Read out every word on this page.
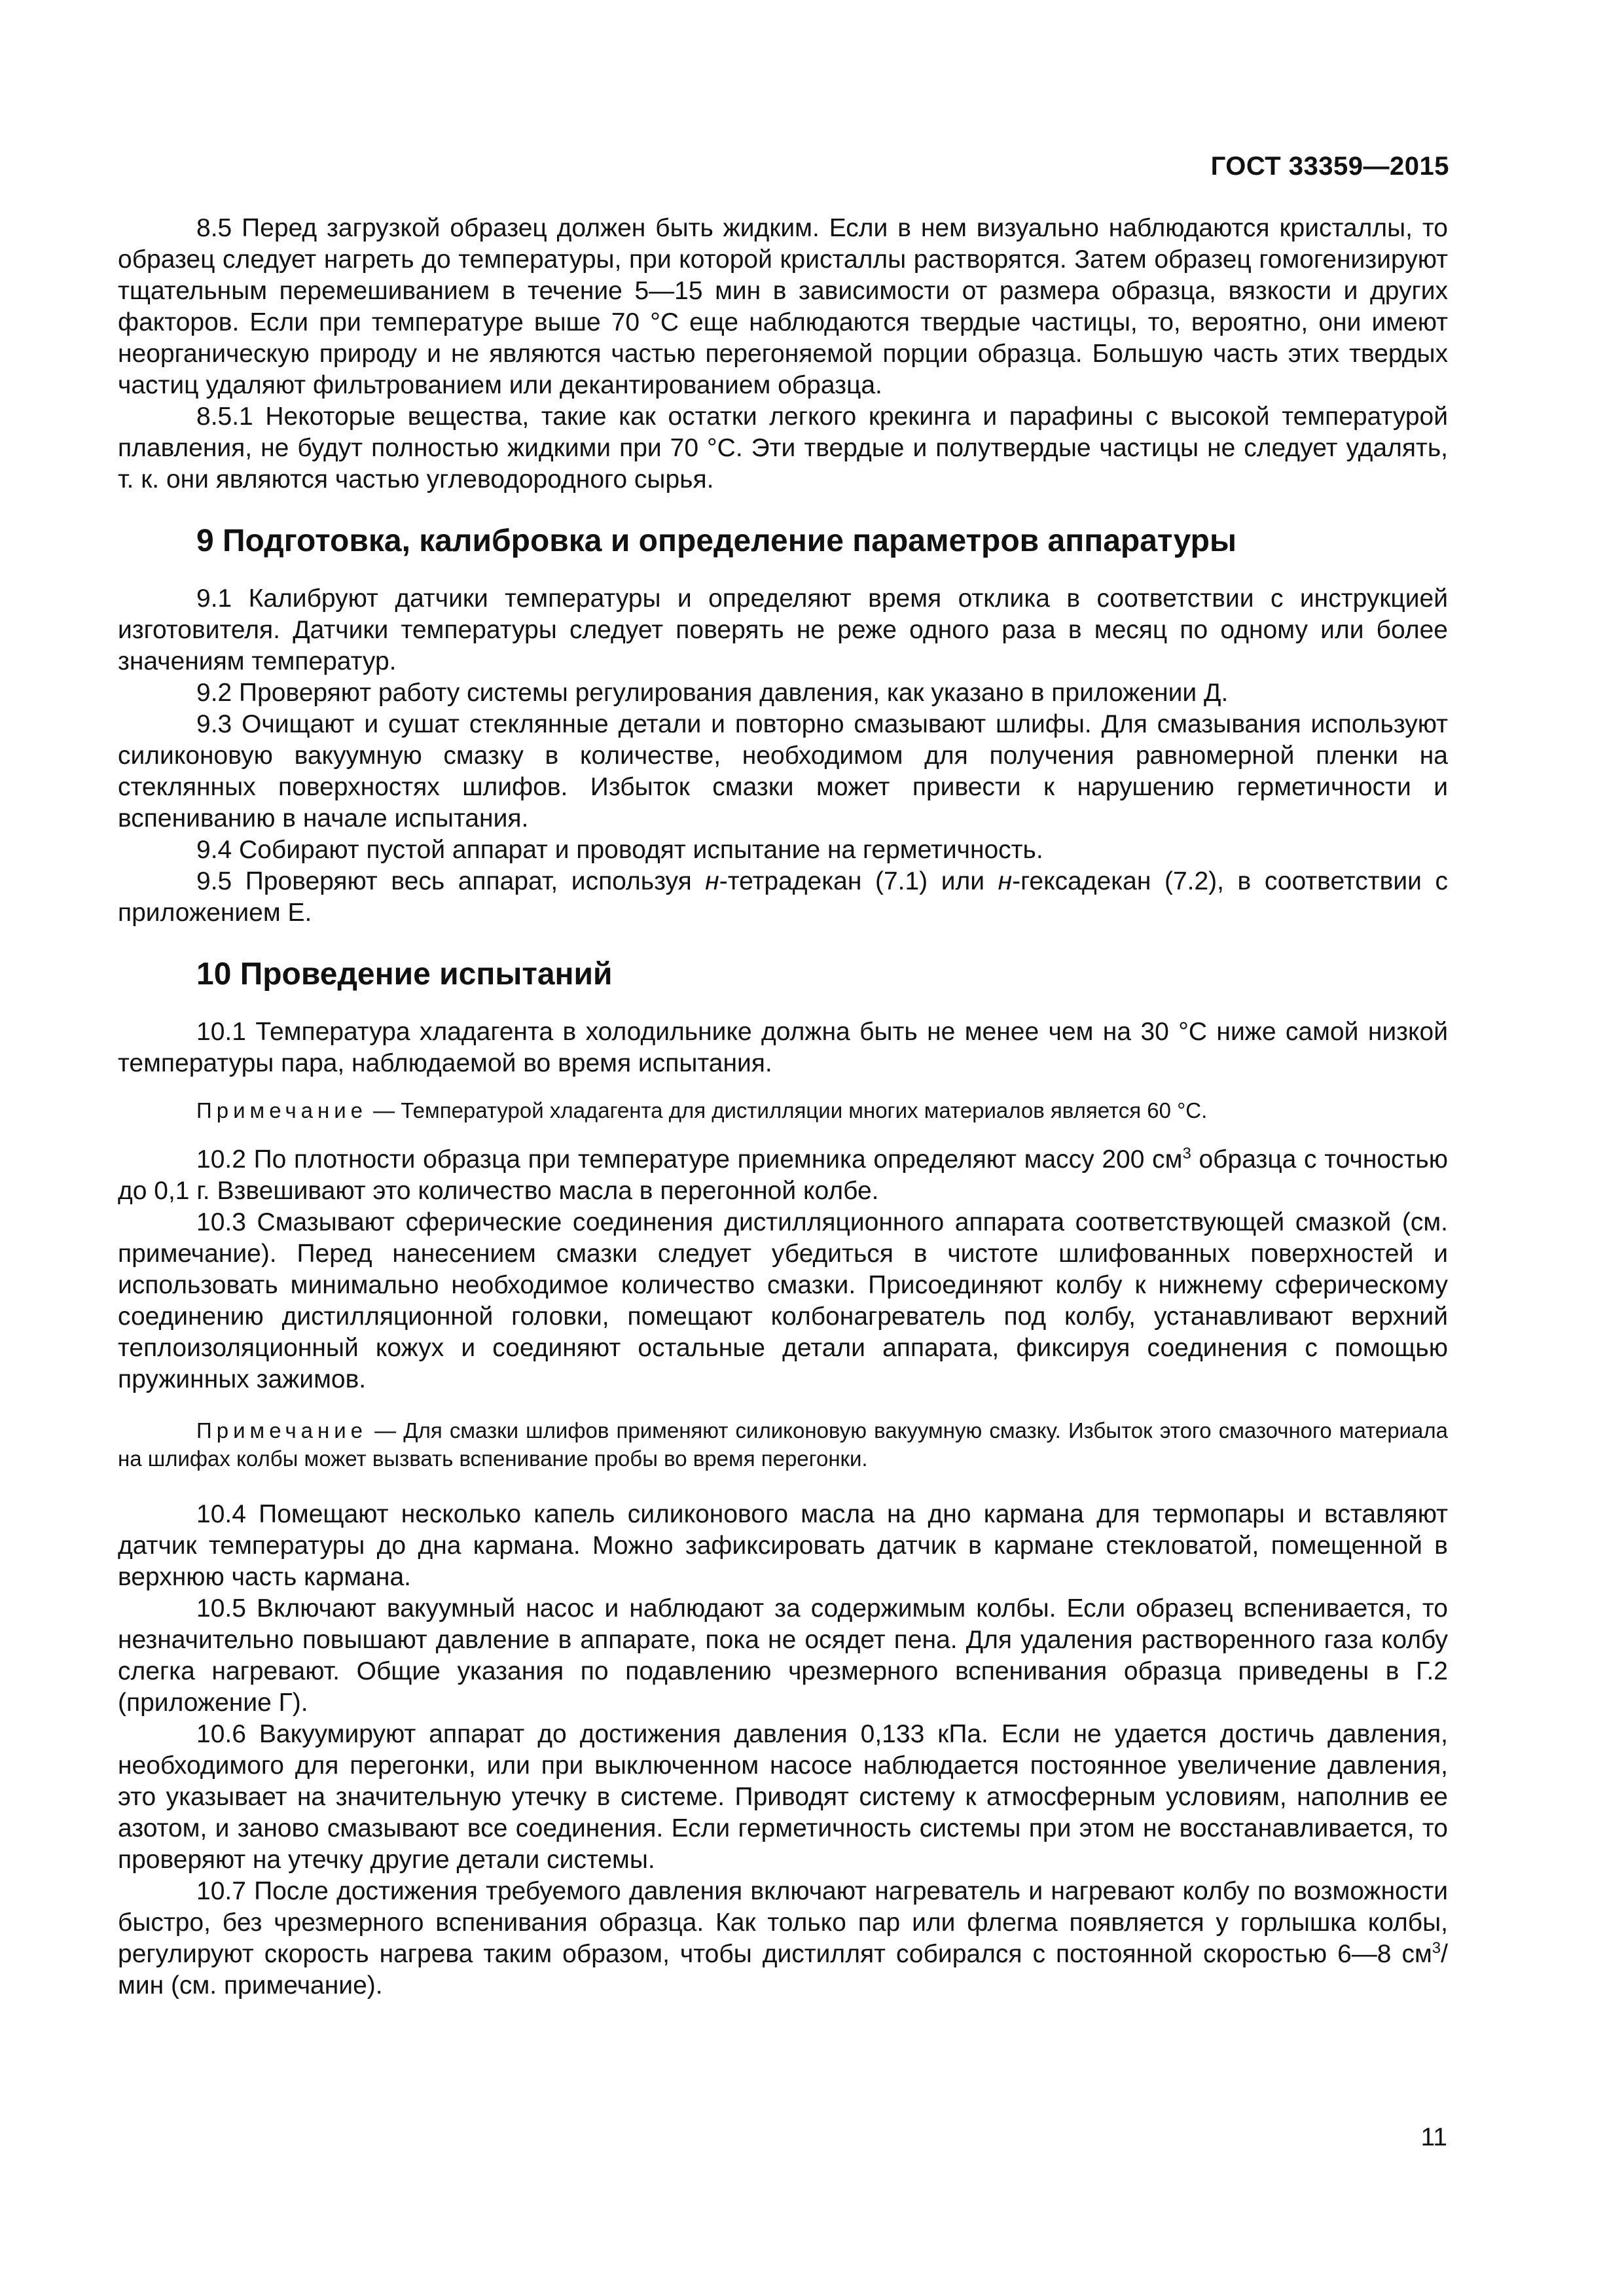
ГОСТ 33359—2015

8.5 Перед загрузкой образец должен быть жидким. Если в нем визуально наблюдаются кристаллы, то образец следует нагреть до температуры, при которой кристаллы растворятся. Затем образец гомогенизируют тщательным перемешиванием в течение 5—15 мин в зависимости от размера образца, вязкости и других факторов. Если при температуре выше 70 °С еще наблюдаются твердые частицы, то, вероятно, они имеют неорганическую природу и не являются частью перегоняемой порции образца. Большую часть этих твердых частиц удаляют фильтрованием или декантированием образца.

8.5.1 Некоторые вещества, такие как остатки легкого крекинга и парафины с высокой температурой плавления, не будут полностью жидкими при 70 °С. Эти твердые и полутвердые частицы не следует удалять, т. к. они являются частью углеводородного сырья.

9 Подготовка, калибровка и определение параметров аппаратуры

9.1 Калибруют датчики температуры и определяют время отклика в соответствии с инструкцией изготовителя. Датчики температуры следует поверять не реже одного раза в месяц по одному или более значениям температур.

9.2 Проверяют работу системы регулирования давления, как указано в приложении Д.

9.3 Очищают и сушат стеклянные детали и повторно смазывают шлифы. Для смазывания используют силиконовую вакуумную смазку в количестве, необходимом для получения равномерной пленки на стеклянных поверхностях шлифов. Избыток смазки может привести к нарушению герметичности и вспениванию в начале испытания.

9.4 Собирают пустой аппарат и проводят испытание на герметичность.

9.5 Проверяют весь аппарат, используя н-тетрадекан (7.1) или н-гексадекан (7.2), в соответствии с приложением Е.

10 Проведение испытаний

10.1 Температура хладагента в холодильнике должна быть не менее чем на 30 °С ниже самой низкой температуры пара, наблюдаемой во время испытания.

Примечание — Температурой хладагента для дистилляции многих материалов является 60 °С.

10.2 По плотности образца при температуре приемника определяют массу 200 $см^3$ образца с точностью до 0,1 г. Взвешивают это количество масла в перегонной колбе.

10.3 Смазывают сферические соединения дистилляционного аппарата соответствующей смазкой (см. примечание). Перед нанесением смазки следует убедиться в чистоте шлифованных поверхностей и использовать минимально необходимое количество смазки. Присоединяют колбу к нижнему сферическому соединению дистилляционной головки, помещают колбонагреватель под колбу, устанавливают верхний теплоизоляционный кожух и соединяют остальные детали аппарата, фиксируя соединения с помощью пружинных зажимов.

Примечание — Для смазки шлифов применяют силиконовую вакуумную смазку. Избыток этого смазочного материала на шлифах колбы может вызвать вспенивание пробы во время перегонки.

10.4 Помещают несколько капель силиконового масла на дно кармана для термопары и вставляют датчик температуры до дна кармана. Можно зафиксировать датчик в кармане стекловатой, помещенной в верхнюю часть кармана.

10.5 Включают вакуумный насос и наблюдают за содержимым колбы. Если образец вспенивается, то незначительно повышают давление в аппарате, пока не осядет пена. Для удаления растворенного газа колбу слегка нагревают. Общие указания по подавлению чрезмерного вспенивания образца приведены в Г.2 (приложение Г).

10.6 Вакуумируют аппарат до достижения давления 0,133 кПа. Если не удается достичь давления, необходимого для перегонки, или при выключенном насосе наблюдается постоянное увеличение давления, это указывает на значительную утечку в системе. Приводят систему к атмосферным условиям, наполнив ее азотом, и заново смазывают все соединения. Если герметичность системы при этом не восстанавливается, то проверяют на утечку другие детали системы.

10.7 После достижения требуемого давления включают нагреватель и нагревают колбу по возможности быстро, без чрезмерного вспенивания образца. Как только пар или флегма появляется у горлышка колбы, регулируют скорость нагрева таким образом, чтобы дистиллят собирался с постоянной скоростью 6—8 $см^3$/мин (см. примечание).

11
